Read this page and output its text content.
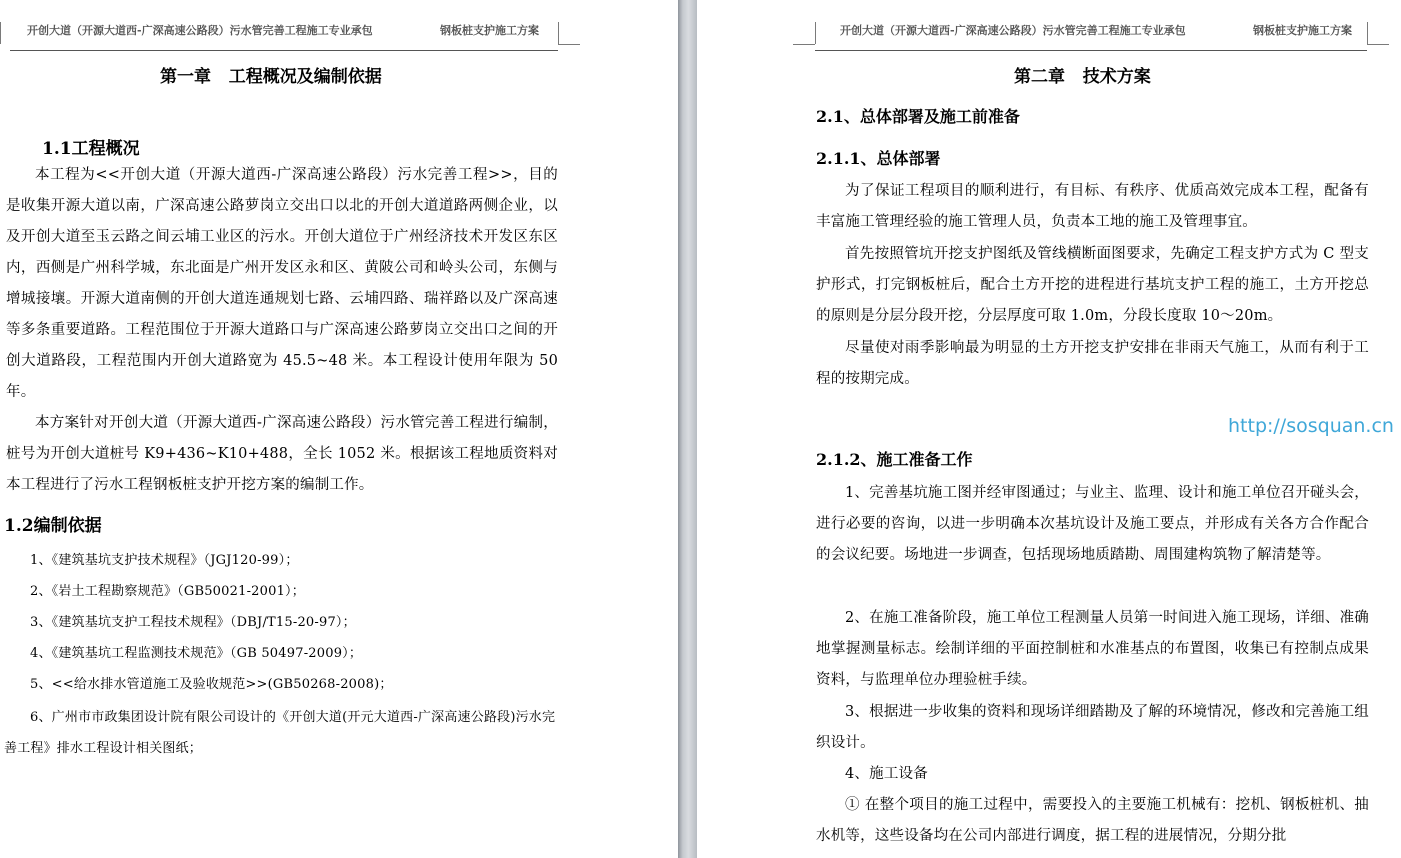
开创大道（开源大道西-广深高速公路段）污水管完善工程施工专业承包	钢板桩支护施工方案
第一章   工程概况及编制依据
1.1工程概况

本工程为<<开创大道（开源大道西-广深高速公路段）污水完善工程>>，目的是收集开源大道以南，广深高速公路萝岗立交出口以北的开创大道道路两侧企业，以及开创大道至玉云路之间云埔工业区的污水。开创大道位于广州经济技术开发区东区内，西侧是广州科学城，东北面是广州开发区永和区、黄陂公司和岭头公司，东侧与增城接壤。开源大道南侧的开创大道连通规划七路、云埔四路、瑞祥路以及广深高速等多条重要道路。工程范围位于开源大道路口与广深高速公路萝岗立交出口之间的开创大道路段，工程范围内开创大道路宽为 45.5~48 米。本工程设计使用年限为 50 年。

本方案针对开创大道（开源大道西-广深高速公路段）污水管完善工程进行编制，桩号为开创大道桩号 K9+436~K10+488，全长 1052 米。根据该工程地质资料对本工程进行了污水工程钢板桩支护开挖方案的编制工作。

1.2编制依据

1、《建筑基坑支护技术规程》（JGJ120-99）；

2、《岩土工程勘察规范》（GB50021-2001）；

3、《建筑基坑支护工程技术规程》（DBJ/T15-20-97）；

4、《建筑基坑工程监测技术规范》（GB 50497-2009）；

5、<<给水排水管道施工及验收规范>>(GB50268-2008)；

6、广州市市政集团设计院有限公司设计的《开创大道(开元大道西-广深高速公路段)污水完善工程》排水工程设计相关图纸；

开创大道（开源大道西-广深高速公路段）污水管完善工程施工专业承包	钢板桩支护施工方案
第二章   技术方案
2.1、总体部署及施工前准备
2.1.1、总体部署

为了保证工程项目的顺利进行，有目标、有秩序、优质高效完成本工程，配备有丰富施工管理经验的施工管理人员，负责本工地的施工及管理事宜。

首先按照管坑开挖支护图纸及管线横断面图要求，先确定工程支护方式为 C 型支护形式，打完钢板桩后，配合土方开挖的进程进行基坑支护工程的施工，土方开挖总的原则是分层分段开挖，分层厚度可取 1.0m，分段长度取 10～20m。

尽量使对雨季影响最为明显的土方开挖支护安排在非雨天气施工，从而有利于工程的按期完成。

2.1.2、施工准备工作

1、完善基坑施工图并经审图通过；与业主、监理、设计和施工单位召开碰头会，进行必要的咨询，以进一步明确本次基坑设计及施工要点，并形成有关各方合作配合的会议纪要。场地进一步调查，包括现场地质踏勘、周围建构筑物了解清楚等。

2、在施工准备阶段，施工单位工程测量人员第一时间进入施工现场，详细、准确地掌握测量标志。绘制详细的平面控制桩和水准基点的布置图，收集已有控制点成果资料，与监理单位办理验桩手续。

3、根据进一步收集的资料和现场详细踏勘及了解的环境情况，修改和完善施工组织设计。

4、施工设备

① 在整个项目的施工过程中，需要投入的主要施工机械有：挖机、钢板桩机、抽水机等，这些设备均在公司内部进行调度，据工程的进展情况，分期分批

http://sosquan.cn
